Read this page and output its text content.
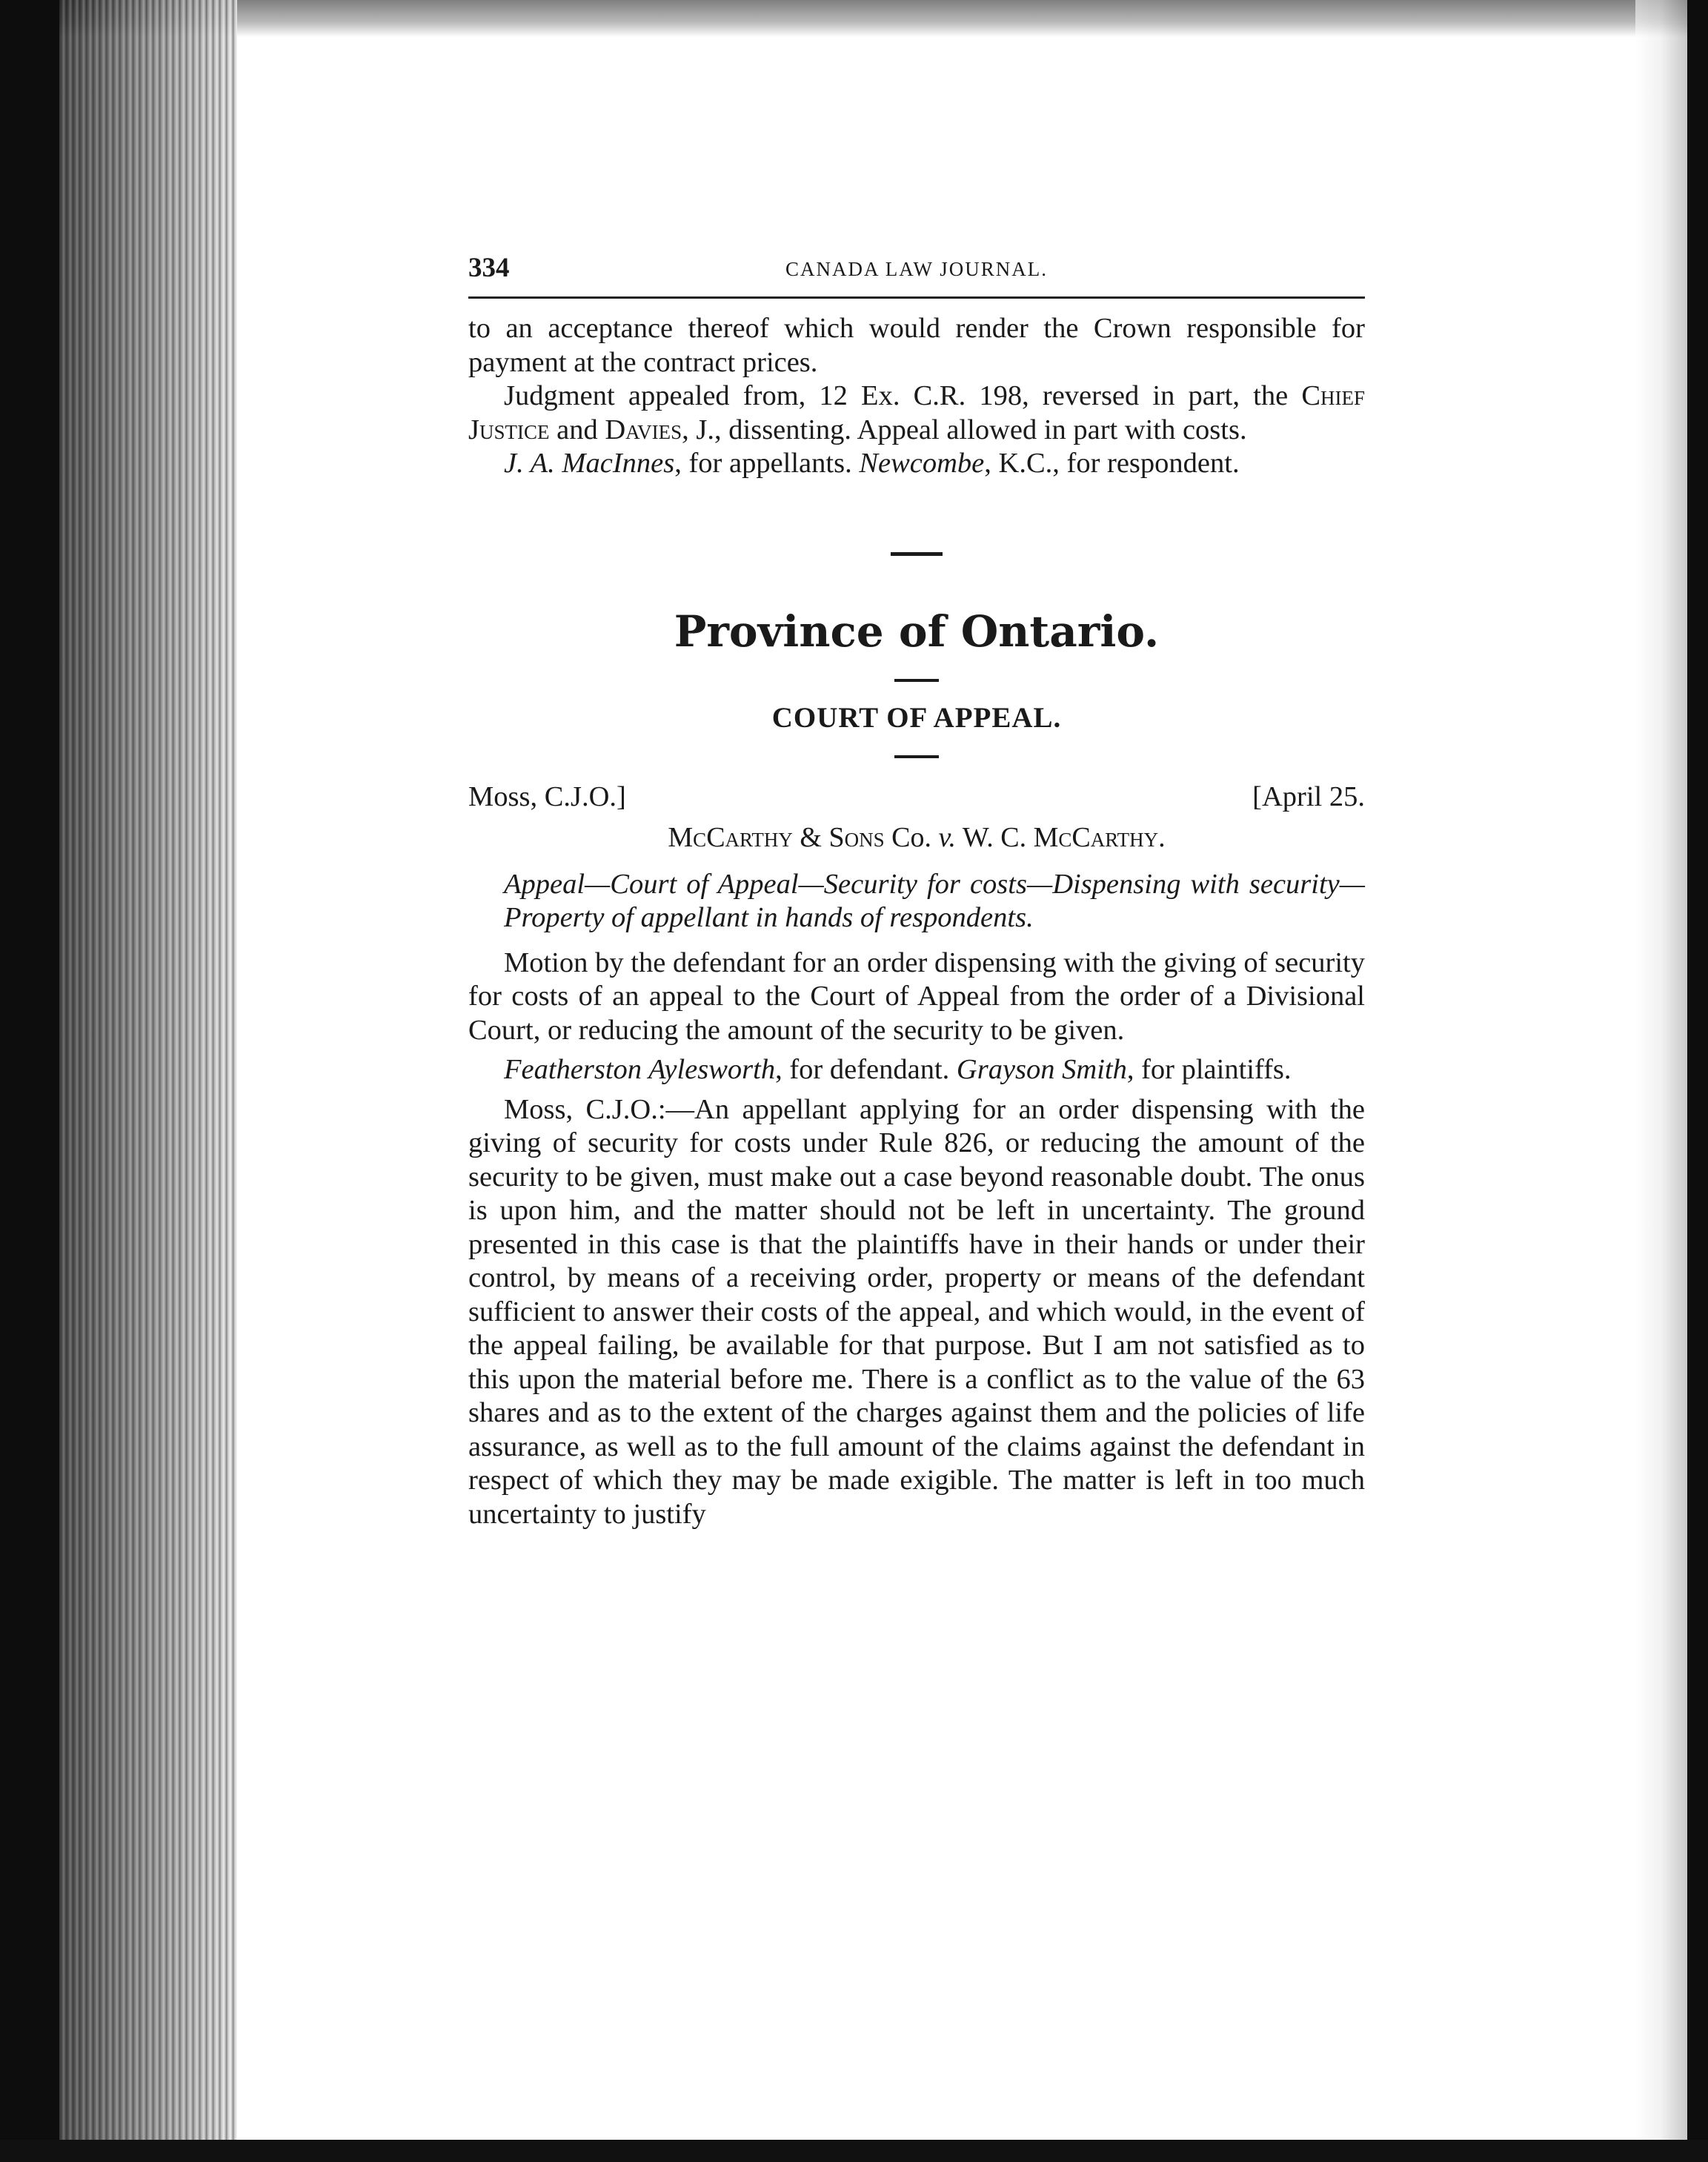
334	CANADA LAW JOURNAL.

to an acceptance thereof which would render the Crown responsible for payment at the contract prices.

Judgment appealed from, 12 Ex. C.R. 198, reversed in part, the Chief Justice and Davies, J., dissenting. Appeal allowed in part with costs.

J. A. MacInnes, for appellants. Newcombe, K.C., for respondent.

Province of Ontario.
COURT OF APPEAL.
Moss, C.J.O.]	[April 25.
McCarthy & Sons Co. v. W. C. McCarthy.

Appeal—Court of Appeal—Security for costs—Dispensing with security—Property of appellant in hands of respondents.

Motion by the defendant for an order dispensing with the giving of security for costs of an appeal to the Court of Appeal from the order of a Divisional Court, or reducing the amount of the security to be given.

Featherston Aylesworth, for defendant. Grayson Smith, for plaintiffs.

Moss, C.J.O.:—An appellant applying for an order dispensing with the giving of security for costs under Rule 826, or reducing the amount of the security to be given, must make out a case beyond reasonable doubt. The onus is upon him, and the matter should not be left in uncertainty. The ground presented in this case is that the plaintiffs have in their hands or under their control, by means of a receiving order, property or means of the defendant sufficient to answer their costs of the appeal, and which would, in the event of the appeal failing, be available for that purpose. But I am not satisfied as to this upon the material before me. There is a conflict as to the value of the 63 shares and as to the extent of the charges against them and the policies of life assurance, as well as to the full amount of the claims against the defendant in respect of which they may be made exigible. The matter is left in too much uncertainty to justify
